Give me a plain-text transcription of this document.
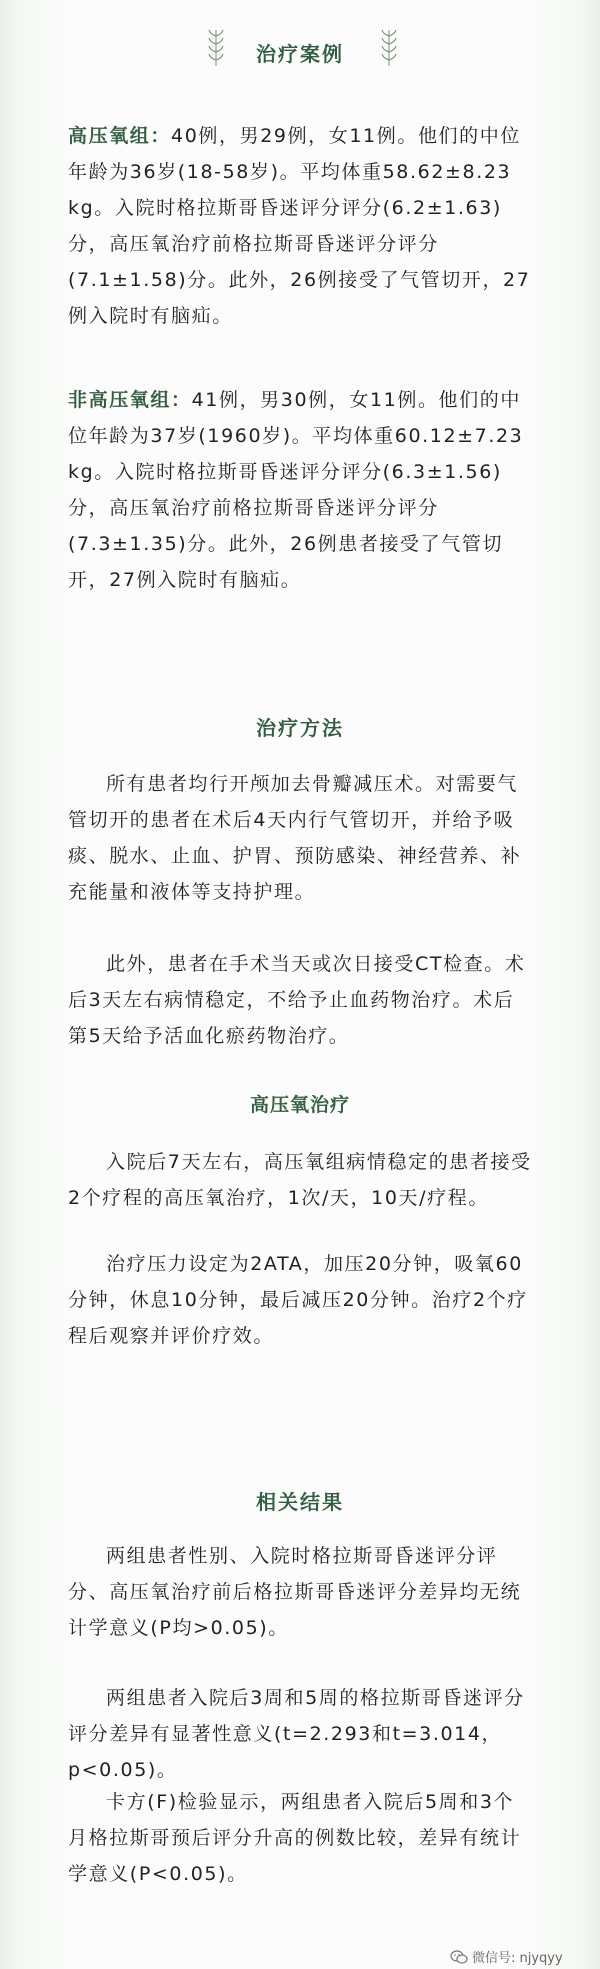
治疗案例
高压氧组：40例，男29例，女11例。他们的中位年龄为36岁(18-58岁)。平均体重58.62±8.23 kg。入院时格拉斯哥昏迷评分评分(6.2±1.63)分，高压氧治疗前格拉斯哥昏迷评分评分(7.1±1.58)分。此外，26例接受了气管切开，27例入院时有脑疝。
非高压氧组：41例，男30例，女11例。他们的中位年龄为37岁(1960岁)。平均体重60.12±7.23 kg。入院时格拉斯哥昏迷评分评分(6.3±1.56)分，高压氧治疗前格拉斯哥昏迷评分评分(7.3±1.35)分。此外，26例患者接受了气管切开，27例入院时有脑疝。
治疗方法
所有患者均行开颅加去骨瓣减压术。对需要气管切开的患者在术后4天内行气管切开，并给予吸痰、脱水、止血、护胃、预防感染、神经营养、补充能量和液体等支持护理。
此外，患者在手术当天或次日接受CT检查。术后3天左右病情稳定，不给予止血药物治疗。术后第5天给予活血化瘀药物治疗。
高压氧治疗
入院后7天左右，高压氧组病情稳定的患者接受2个疗程的高压氧治疗，1次/天，10天/疗程。
治疗压力设定为2ATA，加压20分钟，吸氧60分钟，休息10分钟，最后减压20分钟。治疗2个疗程后观察并评价疗效。
相关结果
两组患者性别、入院时格拉斯哥昏迷评分评分、高压氧治疗前后格拉斯哥昏迷评分差异均无统计学意义(P均>0.05)。
两组患者入院后3周和5周的格拉斯哥昏迷评分评分差异有显著性意义(t=2.293和t=3.014，p<0.05)。
卡方(F)检验显示，两组患者入院后5周和3个月格拉斯哥预后评分升高的例数比较，差异有统计学意义(P<0.05)。
微信号: njyqyy
